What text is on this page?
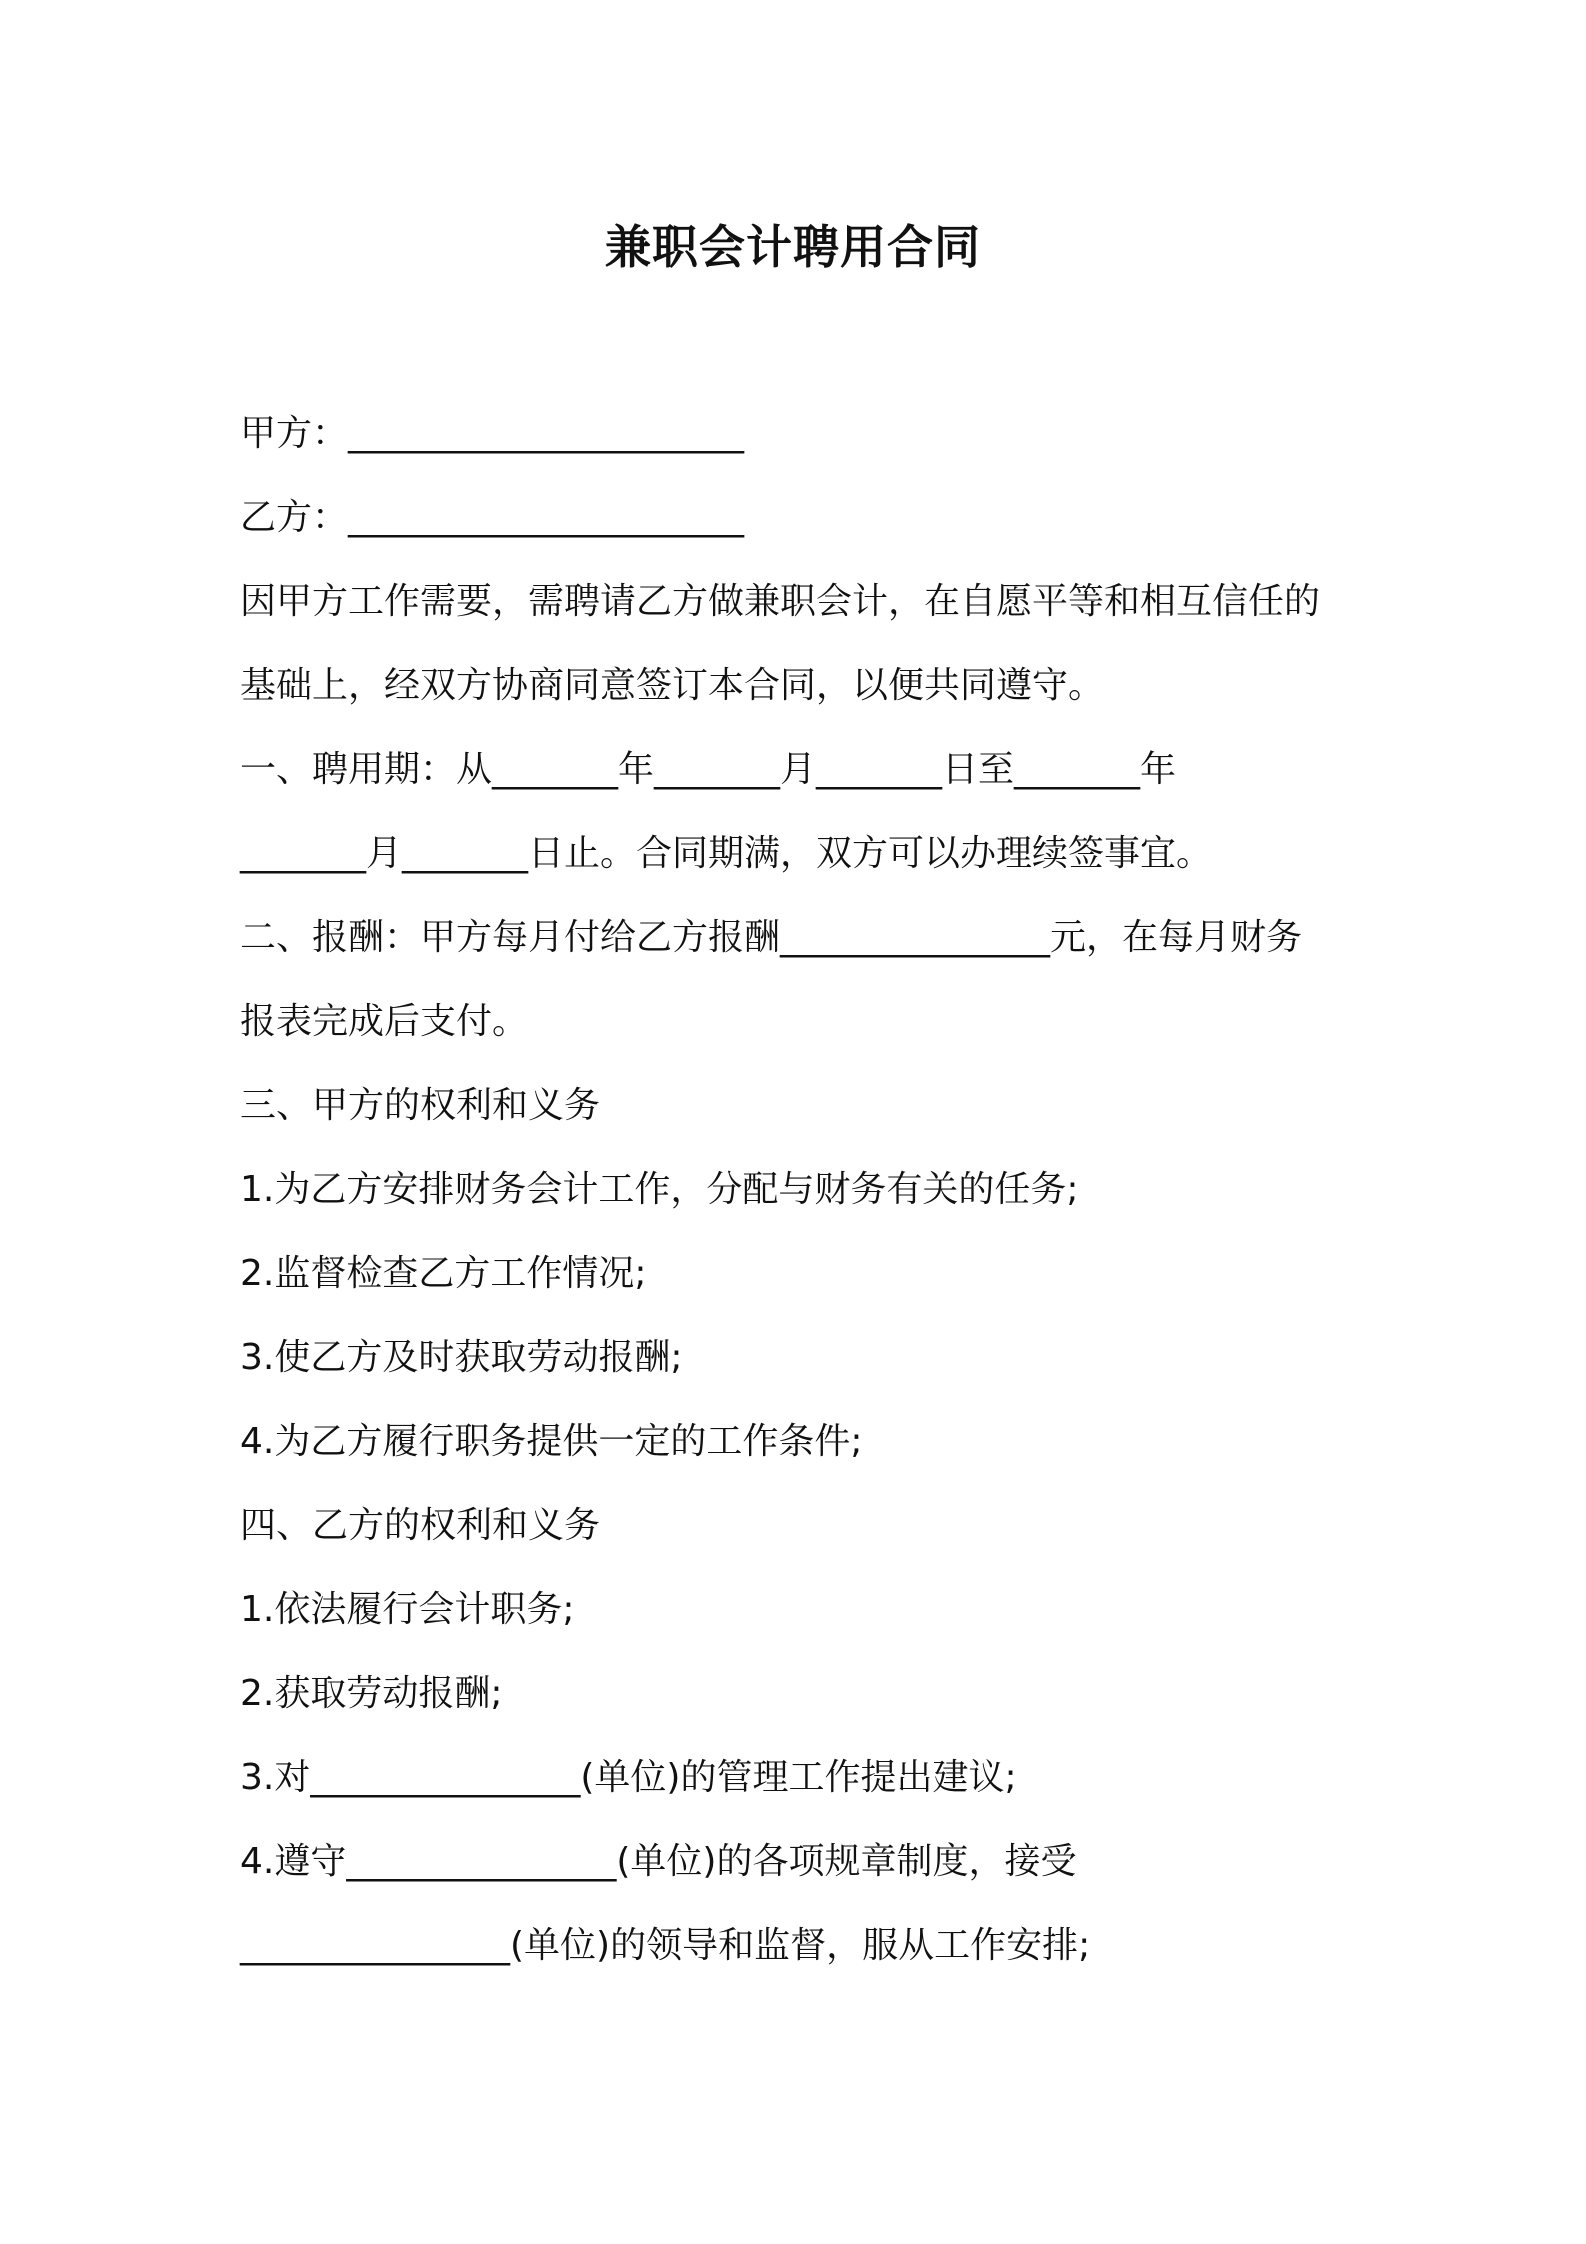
兼职会计聘用合同
甲方：______________________
乙方：______________________
因甲方工作需要，需聘请乙方做兼职会计，在自愿平等和相互信任的
基础上，经双方协商同意签订本合同，以便共同遵守。
一、聘用期：从_______年_______月_______日至_______年
_______月_______日止。合同期满，双方可以办理续签事宜。
二、报酬：甲方每月付给乙方报酬_______________元，在每月财务
报表完成后支付。
三、甲方的权利和义务
1.为乙方安排财务会计工作，分配与财务有关的任务;
2.监督检查乙方工作情况;
3.使乙方及时获取劳动报酬;
4.为乙方履行职务提供一定的工作条件;
四、乙方的权利和义务
1.依法履行会计职务;
2.获取劳动报酬;
3.对_______________(单位)的管理工作提出建议;
4.遵守_______________(单位)的各项规章制度，接受
_______________(单位)的领导和监督，服从工作安排;
